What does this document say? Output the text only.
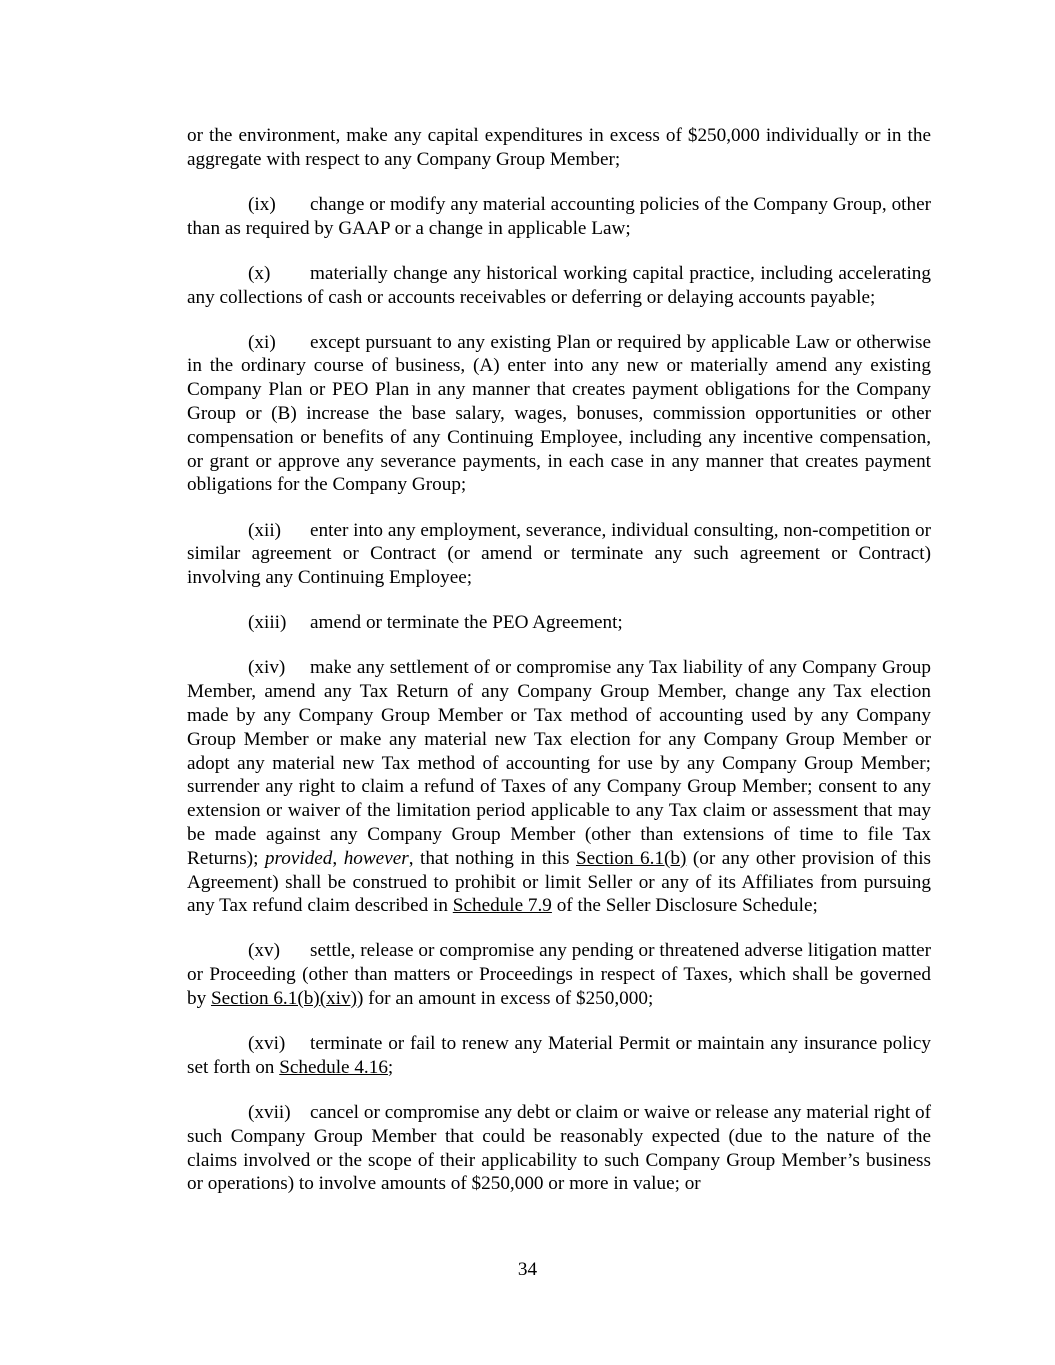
or the environment, make any capital expenditures in excess of $250,000 individually or in the aggregate with respect to any Company Group Member;

(ix) change or modify any material accounting policies of the Company Group, other than as required by GAAP or a change in applicable Law;

(x) materially change any historical working capital practice, including accelerating any collections of cash or accounts receivables or deferring or delaying accounts payable;

(xi) except pursuant to any existing Plan or required by applicable Law or otherwise in the ordinary course of business, (A) enter into any new or materially amend any existing Company Plan or PEO Plan in any manner that creates payment obligations for the Company Group or (B) increase the base salary, wages, bonuses, commission opportunities or other compensation or benefits of any Continuing Employee, including any incentive compensation, or grant or approve any severance payments, in each case in any manner that creates payment obligations for the Company Group;

(xii) enter into any employment, severance, individual consulting, non-competition or similar agreement or Contract (or amend or terminate any such agreement or Contract) involving any Continuing Employee;

(xiii) amend or terminate the PEO Agreement;

(xiv) make any settlement of or compromise any Tax liability of any Company Group Member, amend any Tax Return of any Company Group Member, change any Tax election made by any Company Group Member or Tax method of accounting used by any Company Group Member or make any material new Tax election for any Company Group Member or adopt any material new Tax method of accounting for use by any Company Group Member; surrender any right to claim a refund of Taxes of any Company Group Member; consent to any extension or waiver of the limitation period applicable to any Tax claim or assessment that may be made against any Company Group Member (other than extensions of time to file Tax Returns); provided, however, that nothing in this Section 6.1(b) (or any other provision of this Agreement) shall be construed to prohibit or limit Seller or any of its Affiliates from pursuing any Tax refund claim described in Schedule 7.9 of the Seller Disclosure Schedule;

(xv) settle, release or compromise any pending or threatened adverse litigation matter or Proceeding (other than matters or Proceedings in respect of Taxes, which shall be governed by Section 6.1(b)(xiv)) for an amount in excess of $250,000;

(xvi) terminate or fail to renew any Material Permit or maintain any insurance policy set forth on Schedule 4.16;

(xvii) cancel or compromise any debt or claim or waive or release any material right of such Company Group Member that could be reasonably expected (due to the nature of the claims involved or the scope of their applicability to such Company Group Member’s business or operations) to involve amounts of $250,000 or more in value; or

34
